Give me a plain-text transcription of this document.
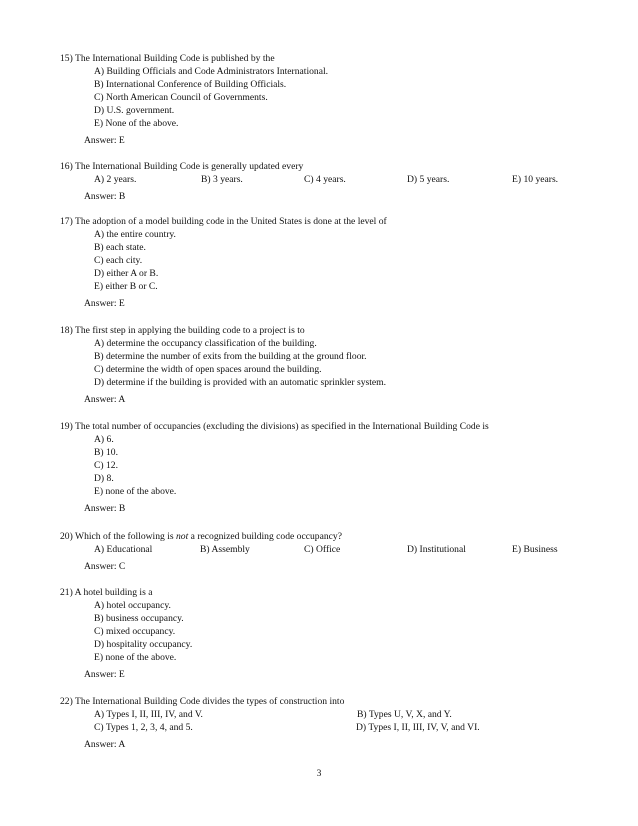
15) The International Building Code is published by the
A) Building Officials and Code Administrators International.
B) International Conference of Building Officials.
C) North American Council of Governments.
D) U.S. government.
E) None of the above.
Answer: E
16) The International Building Code is generally updated every
A) 2 years.	B) 3 years.	C) 4 years.	D) 5 years.	E) 10 years.
Answer: B
17) The adoption of a model building code in the United States is done at the level of
A) the entire country.
B) each state.
C) each city.
D) either A or B.
E) either B or C.
Answer: E
18) The first step in applying the building code to a project is to
A) determine the occupancy classification of the building.
B) determine the number of exits from the building at the ground floor.
C) determine the width of open spaces around the building.
D) determine if the building is provided with an automatic sprinkler system.
Answer: A
19) The total number of occupancies (excluding the divisions) as specified in the International Building Code is
A) 6.
B) 10.
C) 12.
D) 8.
E) none of the above.
Answer: B
20) Which of the following is not a recognized building code occupancy?
A) Educational	B) Assembly	C) Office	D) Institutional	E) Business
Answer: C
21) A hotel building is a
A) hotel occupancy.
B) business occupancy.
C) mixed occupancy.
D) hospitality occupancy.
E) none of the above.
Answer: E
22) The International Building Code divides the types of construction into
A) Types I, II, III, IV, and V.	B) Types U, V, X, and Y.
C) Types 1, 2, 3, 4, and 5.	D) Types I, II, III, IV, V, and VI.
Answer: A
3
